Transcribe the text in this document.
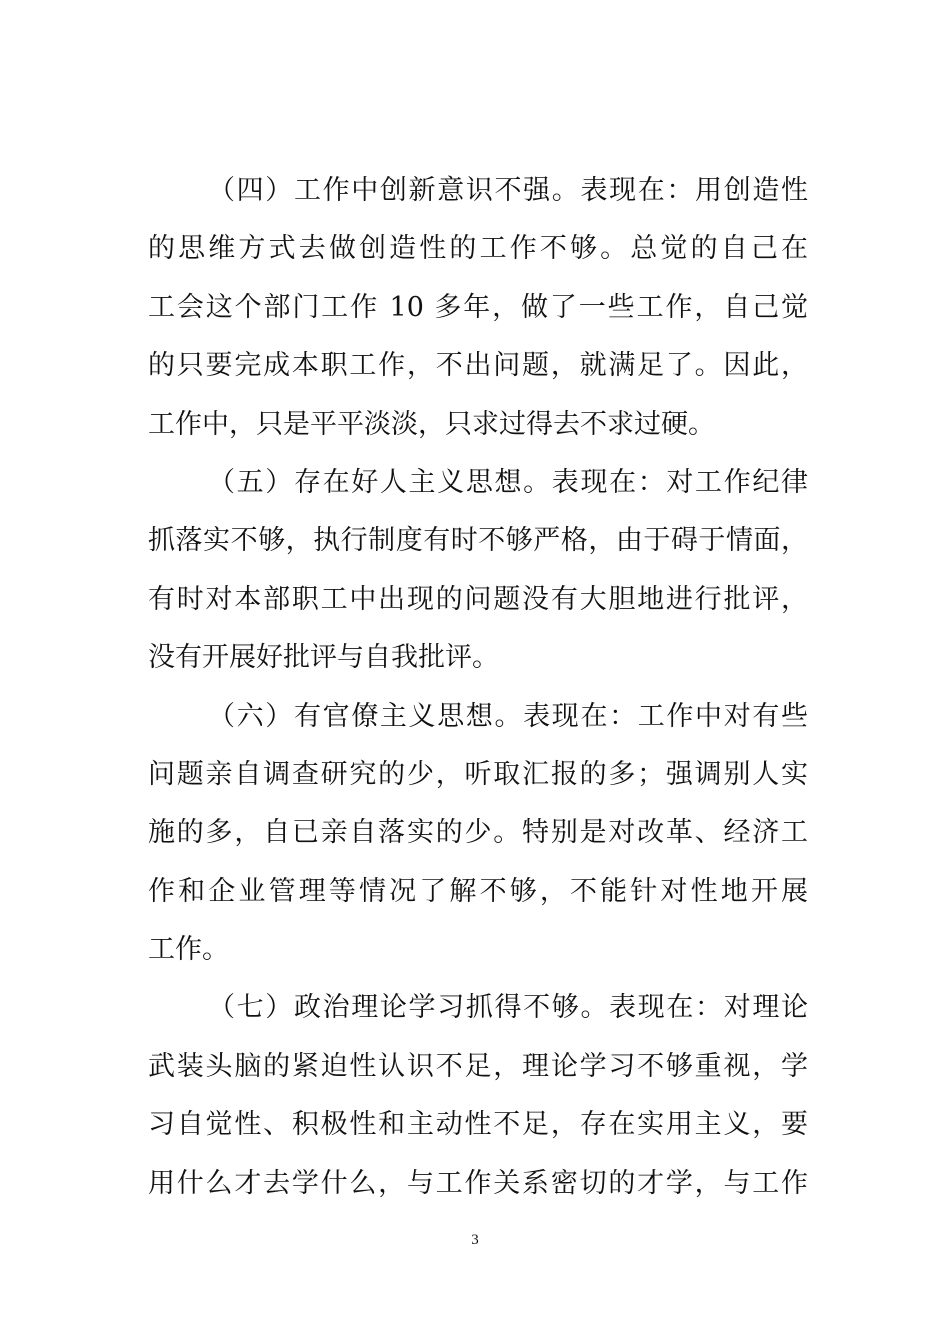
（四）工作中创新意识不强。表现在：用创造性
的思维方式去做创造性的工作不够。总觉的自己在
工会这个部门工作 10 多年，做了一些工作，自己觉
的只要完成本职工作，不出问题，就满足了。因此，
工作中，只是平平淡淡，只求过得去不求过硬。
（五）存在好人主义思想。表现在：对工作纪律
抓落实不够，执行制度有时不够严格，由于碍于情面，
有时对本部职工中出现的问题没有大胆地进行批评，
没有开展好批评与自我批评。
（六）有官僚主义思想。表现在：工作中对有些
问题亲自调查研究的少，听取汇报的多；强调别人实
施的多，自已亲自落实的少。特别是对改革、经济工
作和企业管理等情况了解不够，不能针对性地开展
工作。
（七）政治理论学习抓得不够。表现在：对理论
武装头脑的紧迫性认识不足，理论学习不够重视，学
习自觉性、积极性和主动性不足，存在实用主义，要
用什么才去学什么，与工作关系密切的才学，与工作
3
